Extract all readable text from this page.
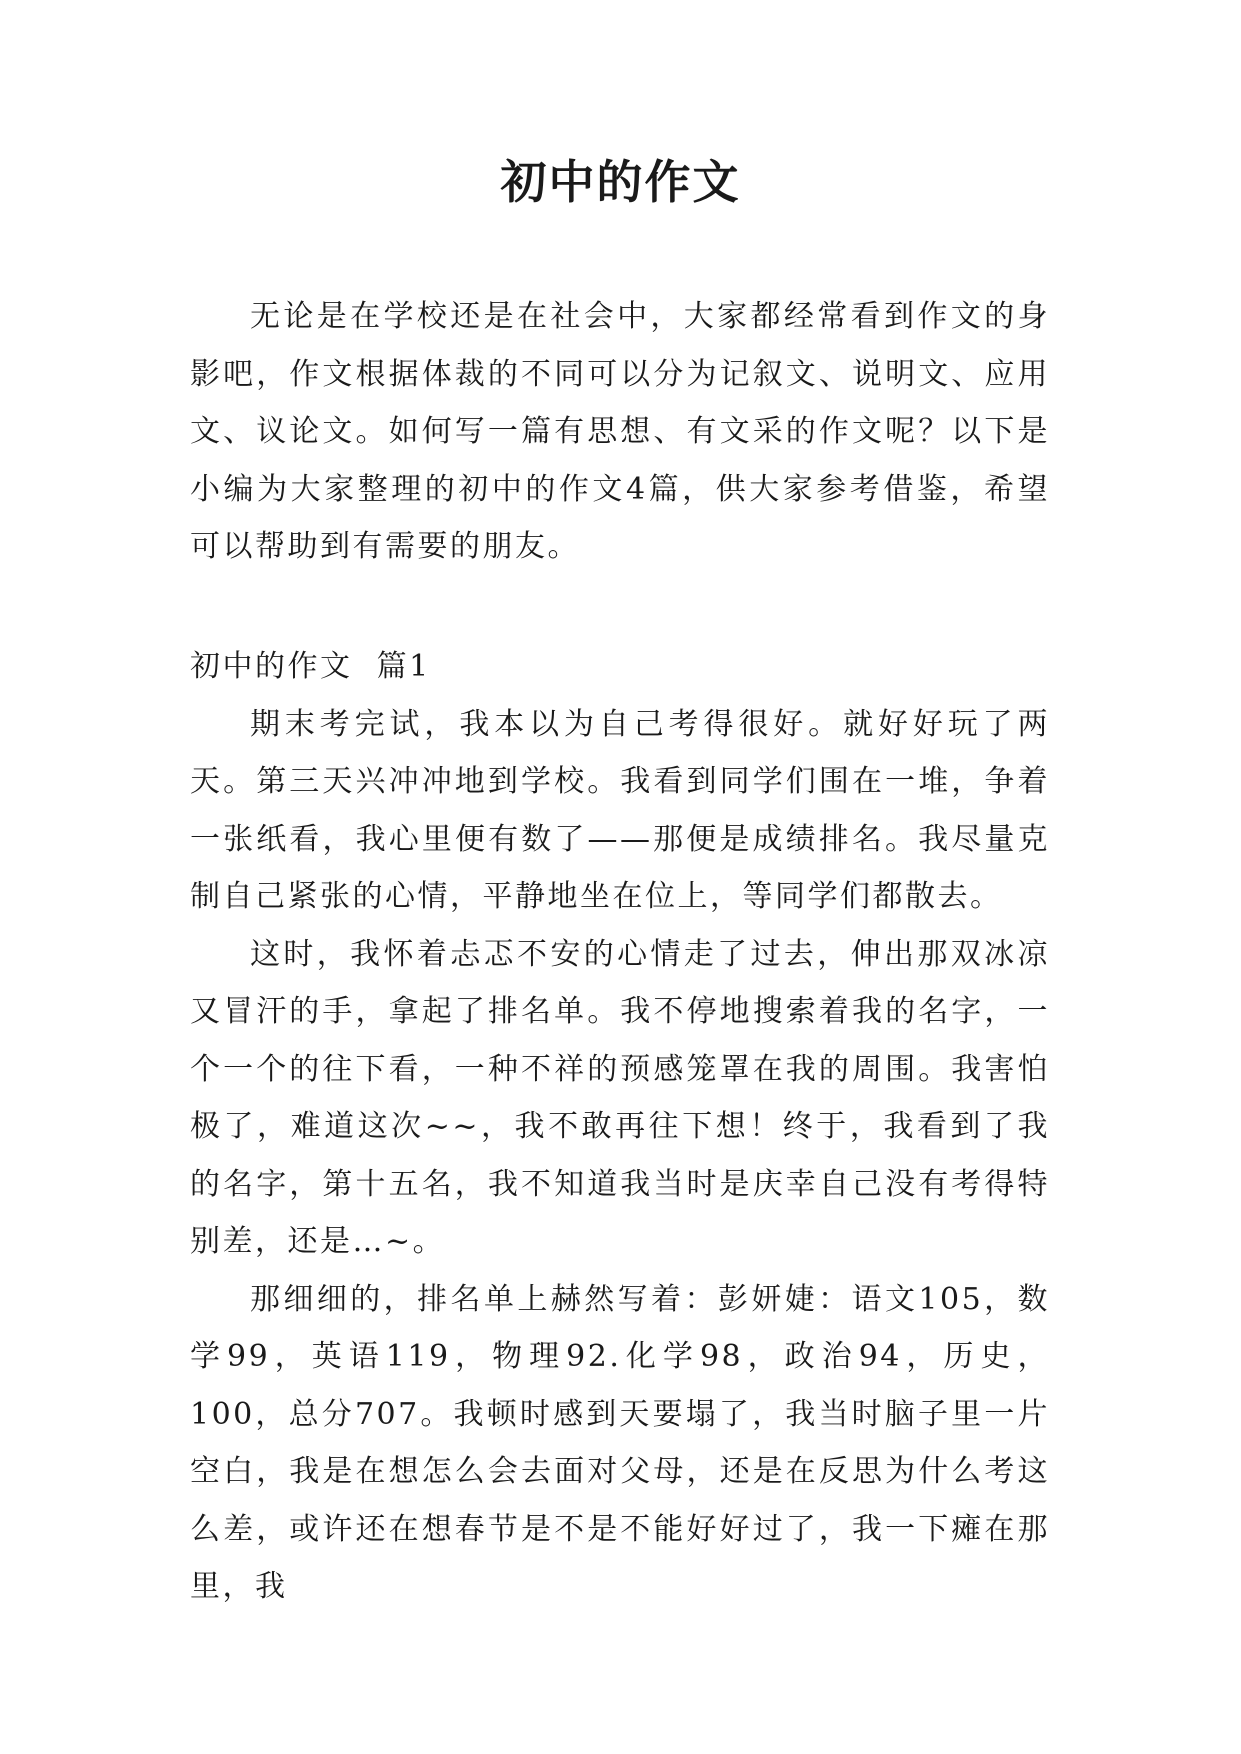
初中的作文

无论是在学校还是在社会中，大家都经常看到作文的身影吧，作文根据体裁的不同可以分为记叙文、说明文、应用文、议论文。如何写一篇有思想、有文采的作文呢？以下是小编为大家整理的初中的作文4篇，供大家参考借鉴，希望可以帮助到有需要的朋友。

初中的作文  篇1

期末考完试，我本以为自己考得很好。就好好玩了两天。第三天兴冲冲地到学校。我看到同学们围在一堆，争着一张纸看，我心里便有数了——那便是成绩排名。我尽量克制自己紧张的心情，平静地坐在位上，等同学们都散去。

这时，我怀着忐忑不安的心情走了过去，伸出那双冰凉又冒汗的手，拿起了排名单。我不停地搜索着我的名字，一个一个的往下看，一种不祥的预感笼罩在我的周围。我害怕极了，难道这次~~，我不敢再往下想！终于，我看到了我的名字，第十五名，我不知道我当时是庆幸自己没有考得特别差，还是…~。

那细细的，排名单上赫然写着：彭妍婕：语文105，数学99，英语119，物理92.化学98，政治94，历史，100，总分707。我顿时感到天要塌了，我当时脑子里一片空白，我是在想怎么会去面对父母，还是在反思为什么考这么差，或许还在想春节是不是不能好好过了，我一下瘫在那里，我
